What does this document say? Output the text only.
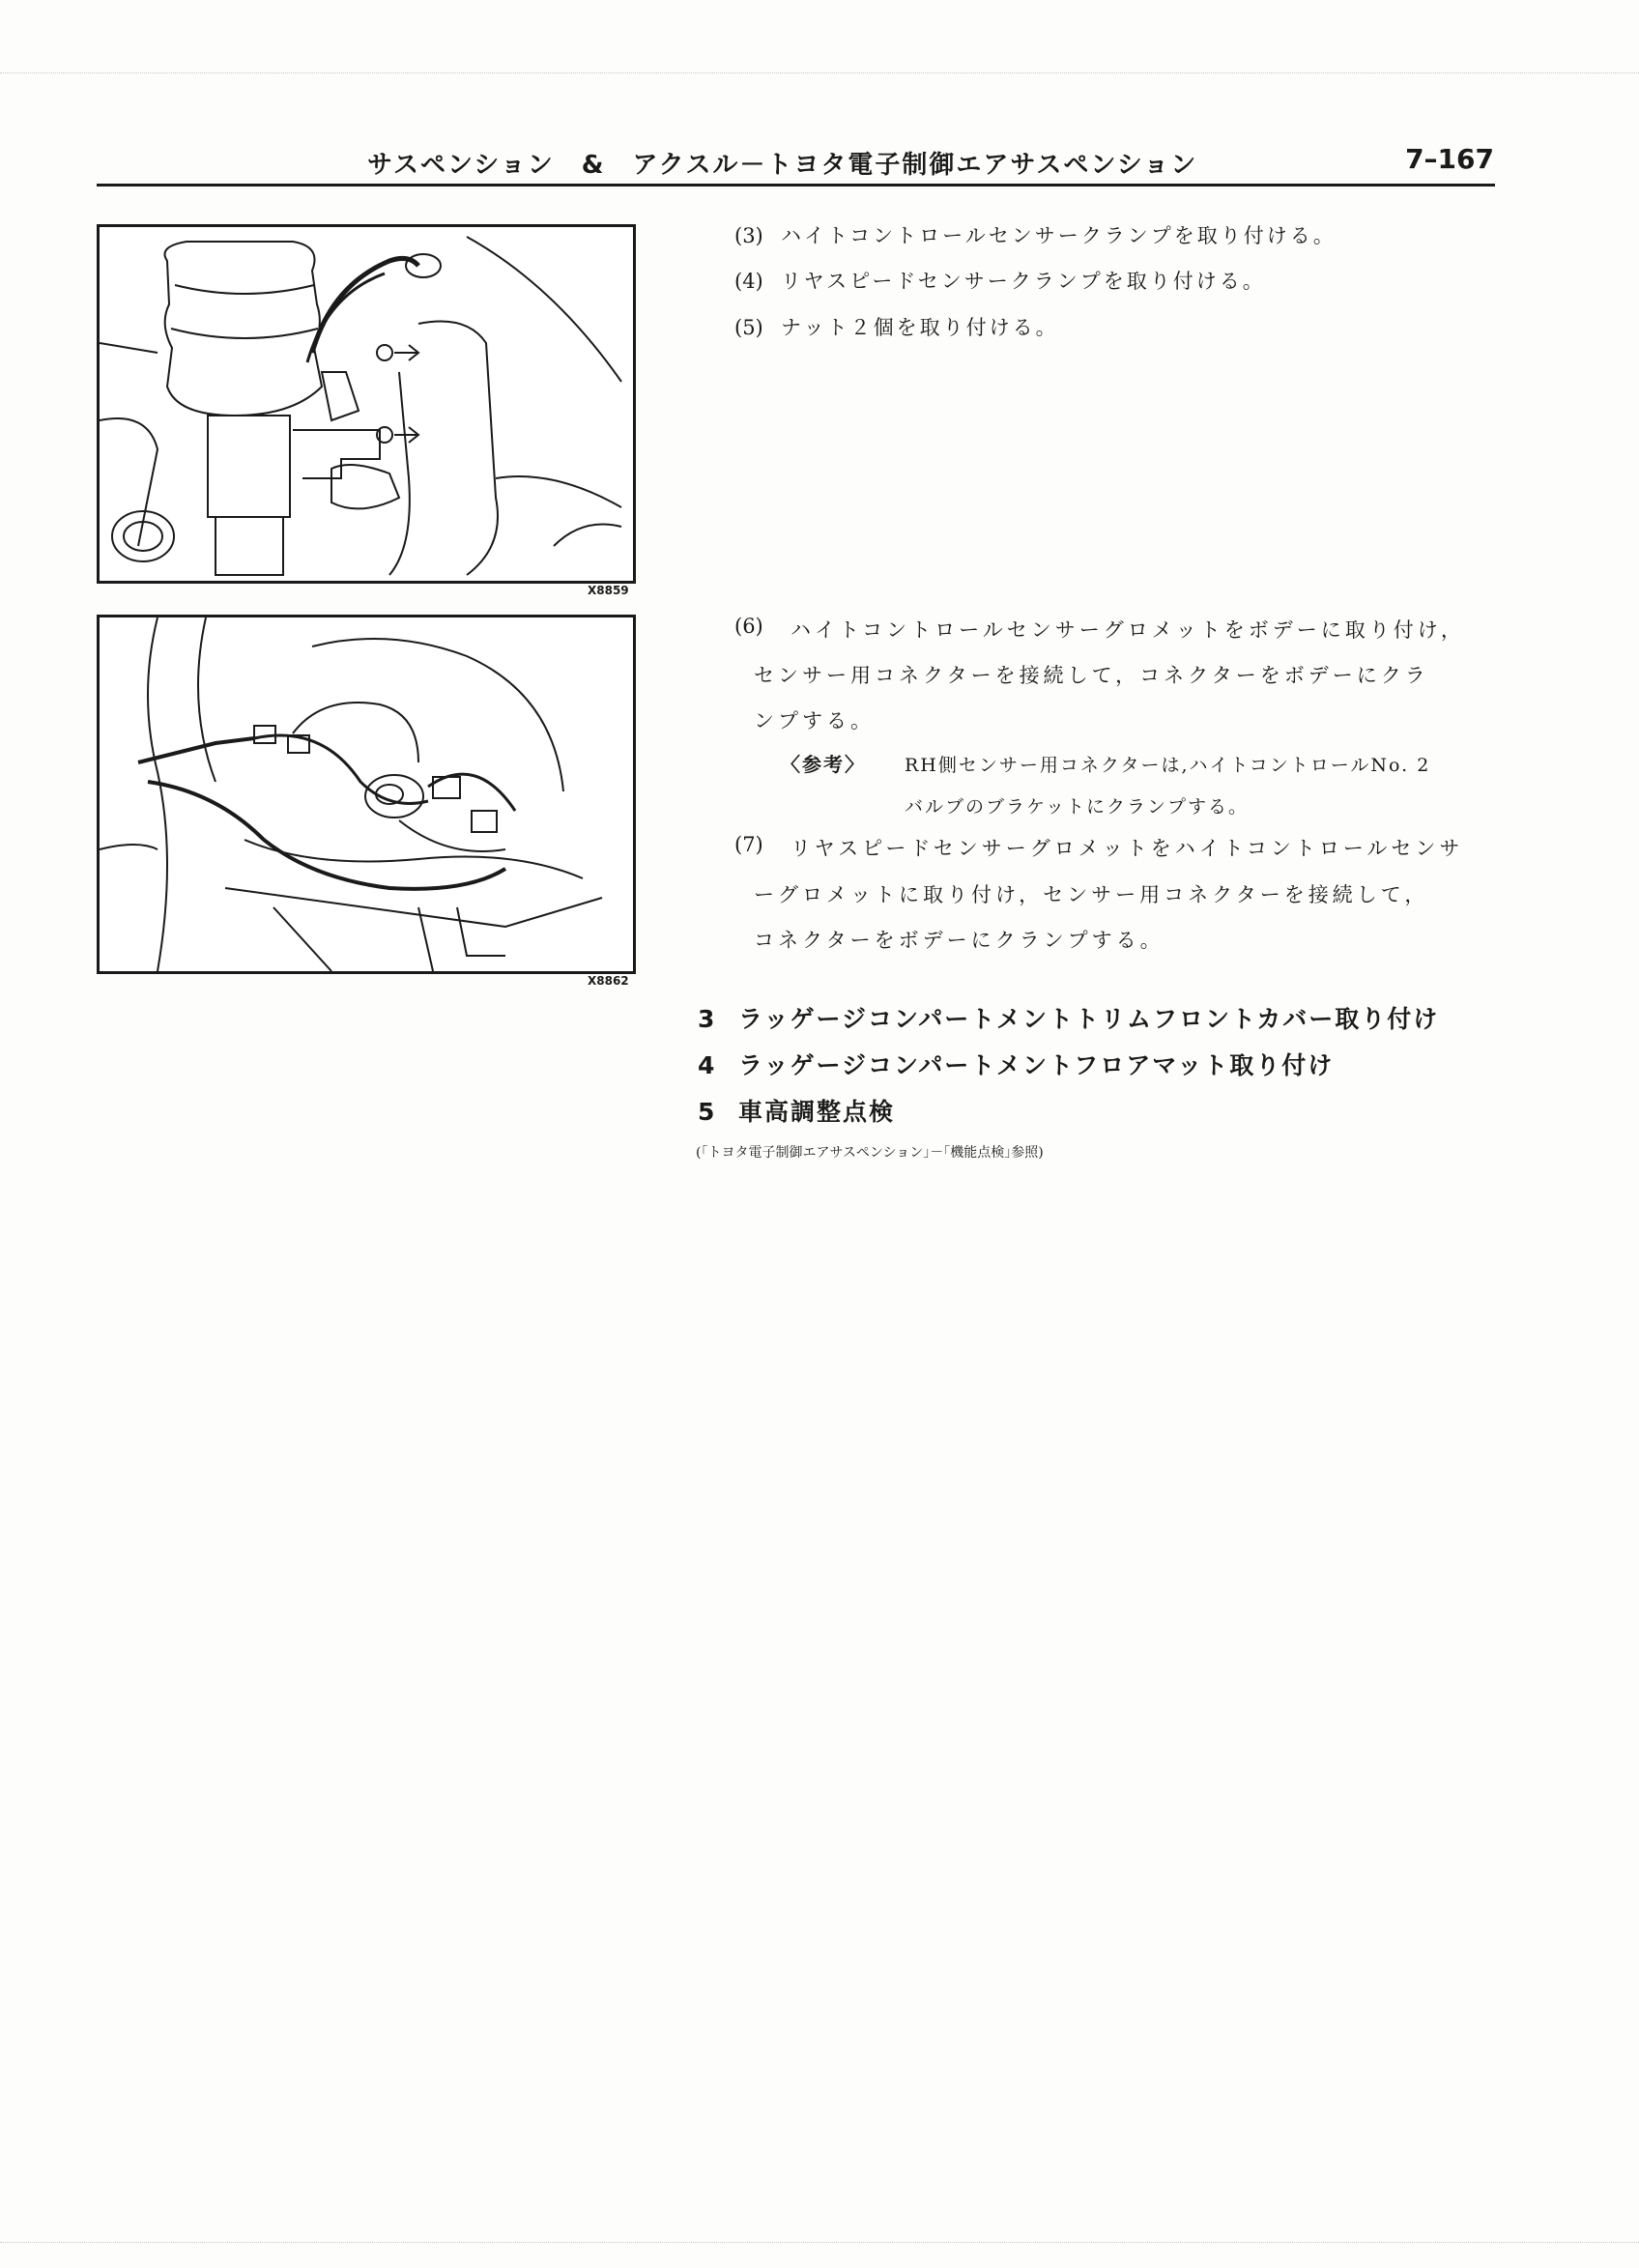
サスペンション　&　アクスル－トヨタ電子制御エアサスペンション	7–167
X8859
X8862
(3) ハイトコントロールセンサークランプを取り付ける。
(4) リヤスピードセンサークランプを取り付ける。
(5) ナット２個を取り付ける。
(6)	ハイトコントロールセンサーグロメットをボデーに取り付け，
センサー用コネクターを接続して，コネクターをボデーにクラ
ンプする。
〈参考〉 RH側センサー用コネクターは,ハイトコントロールNo. 2
バルブのブラケットにクランプする。
(7)	リヤスピードセンサーグロメットをハイトコントロールセンサ
ーグロメットに取り付け，センサー用コネクターを接続して，
コネクターをボデーにクランプする。
3 ラッゲージコンパートメントトリムフロントカバー取り付け
4 ラッゲージコンパートメントフロアマット取り付け
5 車高調整点検
(｢トヨタ電子制御エアサスペンション｣－｢機能点検｣参照)
